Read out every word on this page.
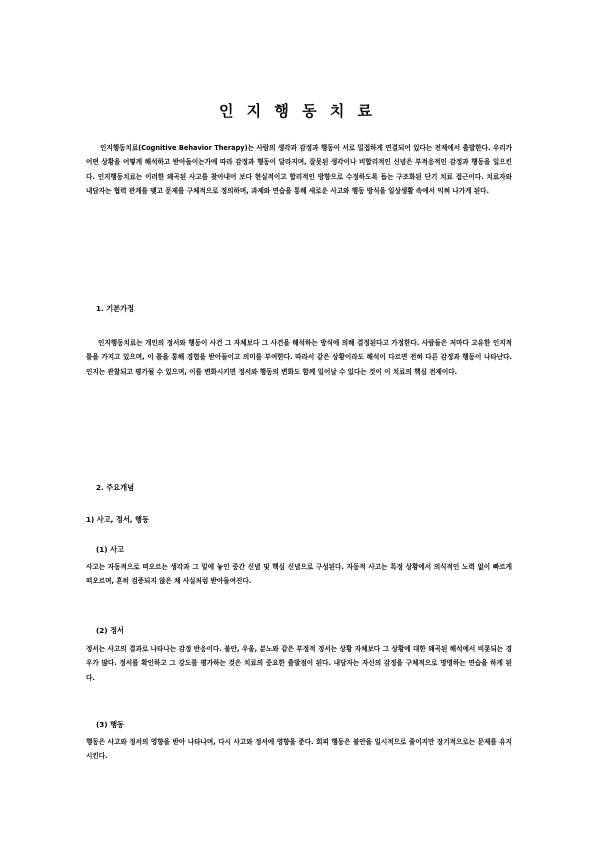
인 지 행 동 치 료
인지행동치료(Cognitive Behavior Therapy)는 사람의 생각과 감정과 행동이 서로 밀접하게 연결되어 있다는 전제에서 출발한다. 우리가 어떤 상황을 어떻게 해석하고 받아들이는가에 따라 감정과 행동이 달라지며, 잘못된 생각이나 비합리적인 신념은 부적응적인 감정과 행동을 일으킨다. 인지행동치료는 이러한 왜곡된 사고를 찾아내어 보다 현실적이고 합리적인 방향으로 수정하도록 돕는 구조화된 단기 치료 접근이다. 치료자와 내담자는 협력 관계를 맺고 문제를 구체적으로 정의하며, 과제와 연습을 통해 새로운 사고와 행동 방식을 일상생활 속에서 익혀 나가게 된다.
1. 기본가정
인지행동치료는 개인의 정서와 행동이 사건 그 자체보다 그 사건을 해석하는 방식에 의해 결정된다고 가정한다. 사람들은 저마다 고유한 인지적 틀을 가지고 있으며, 이 틀을 통해 경험을 받아들이고 의미를 부여한다. 따라서 같은 상황이라도 해석이 다르면 전혀 다른 감정과 행동이 나타난다. 인지는 관찰되고 평가될 수 있으며, 이를 변화시키면 정서와 행동의 변화도 함께 일어날 수 있다는 것이 이 치료의 핵심 전제이다.
2. 주요개념
1) 사고, 정서, 행동
(1) 사고
사고는 자동적으로 떠오르는 생각과 그 밑에 놓인 중간 신념 및 핵심 신념으로 구성된다. 자동적 사고는 특정 상황에서 의식적인 노력 없이 빠르게 떠오르며, 흔히 검증되지 않은 채 사실처럼 받아들여진다.
(2) 정서
정서는 사고의 결과로 나타나는 감정 반응이다. 불안, 우울, 분노와 같은 부정적 정서는 상황 자체보다 그 상황에 대한 왜곡된 해석에서 비롯되는 경우가 많다. 정서를 확인하고 그 강도를 평가하는 것은 치료의 중요한 출발점이 된다. 내담자는 자신의 감정을 구체적으로 명명하는 연습을 하게 된다.
(3) 행동
행동은 사고와 정서의 영향을 받아 나타나며, 다시 사고와 정서에 영향을 준다. 회피 행동은 불안을 일시적으로 줄이지만 장기적으로는 문제를 유지시킨다.
